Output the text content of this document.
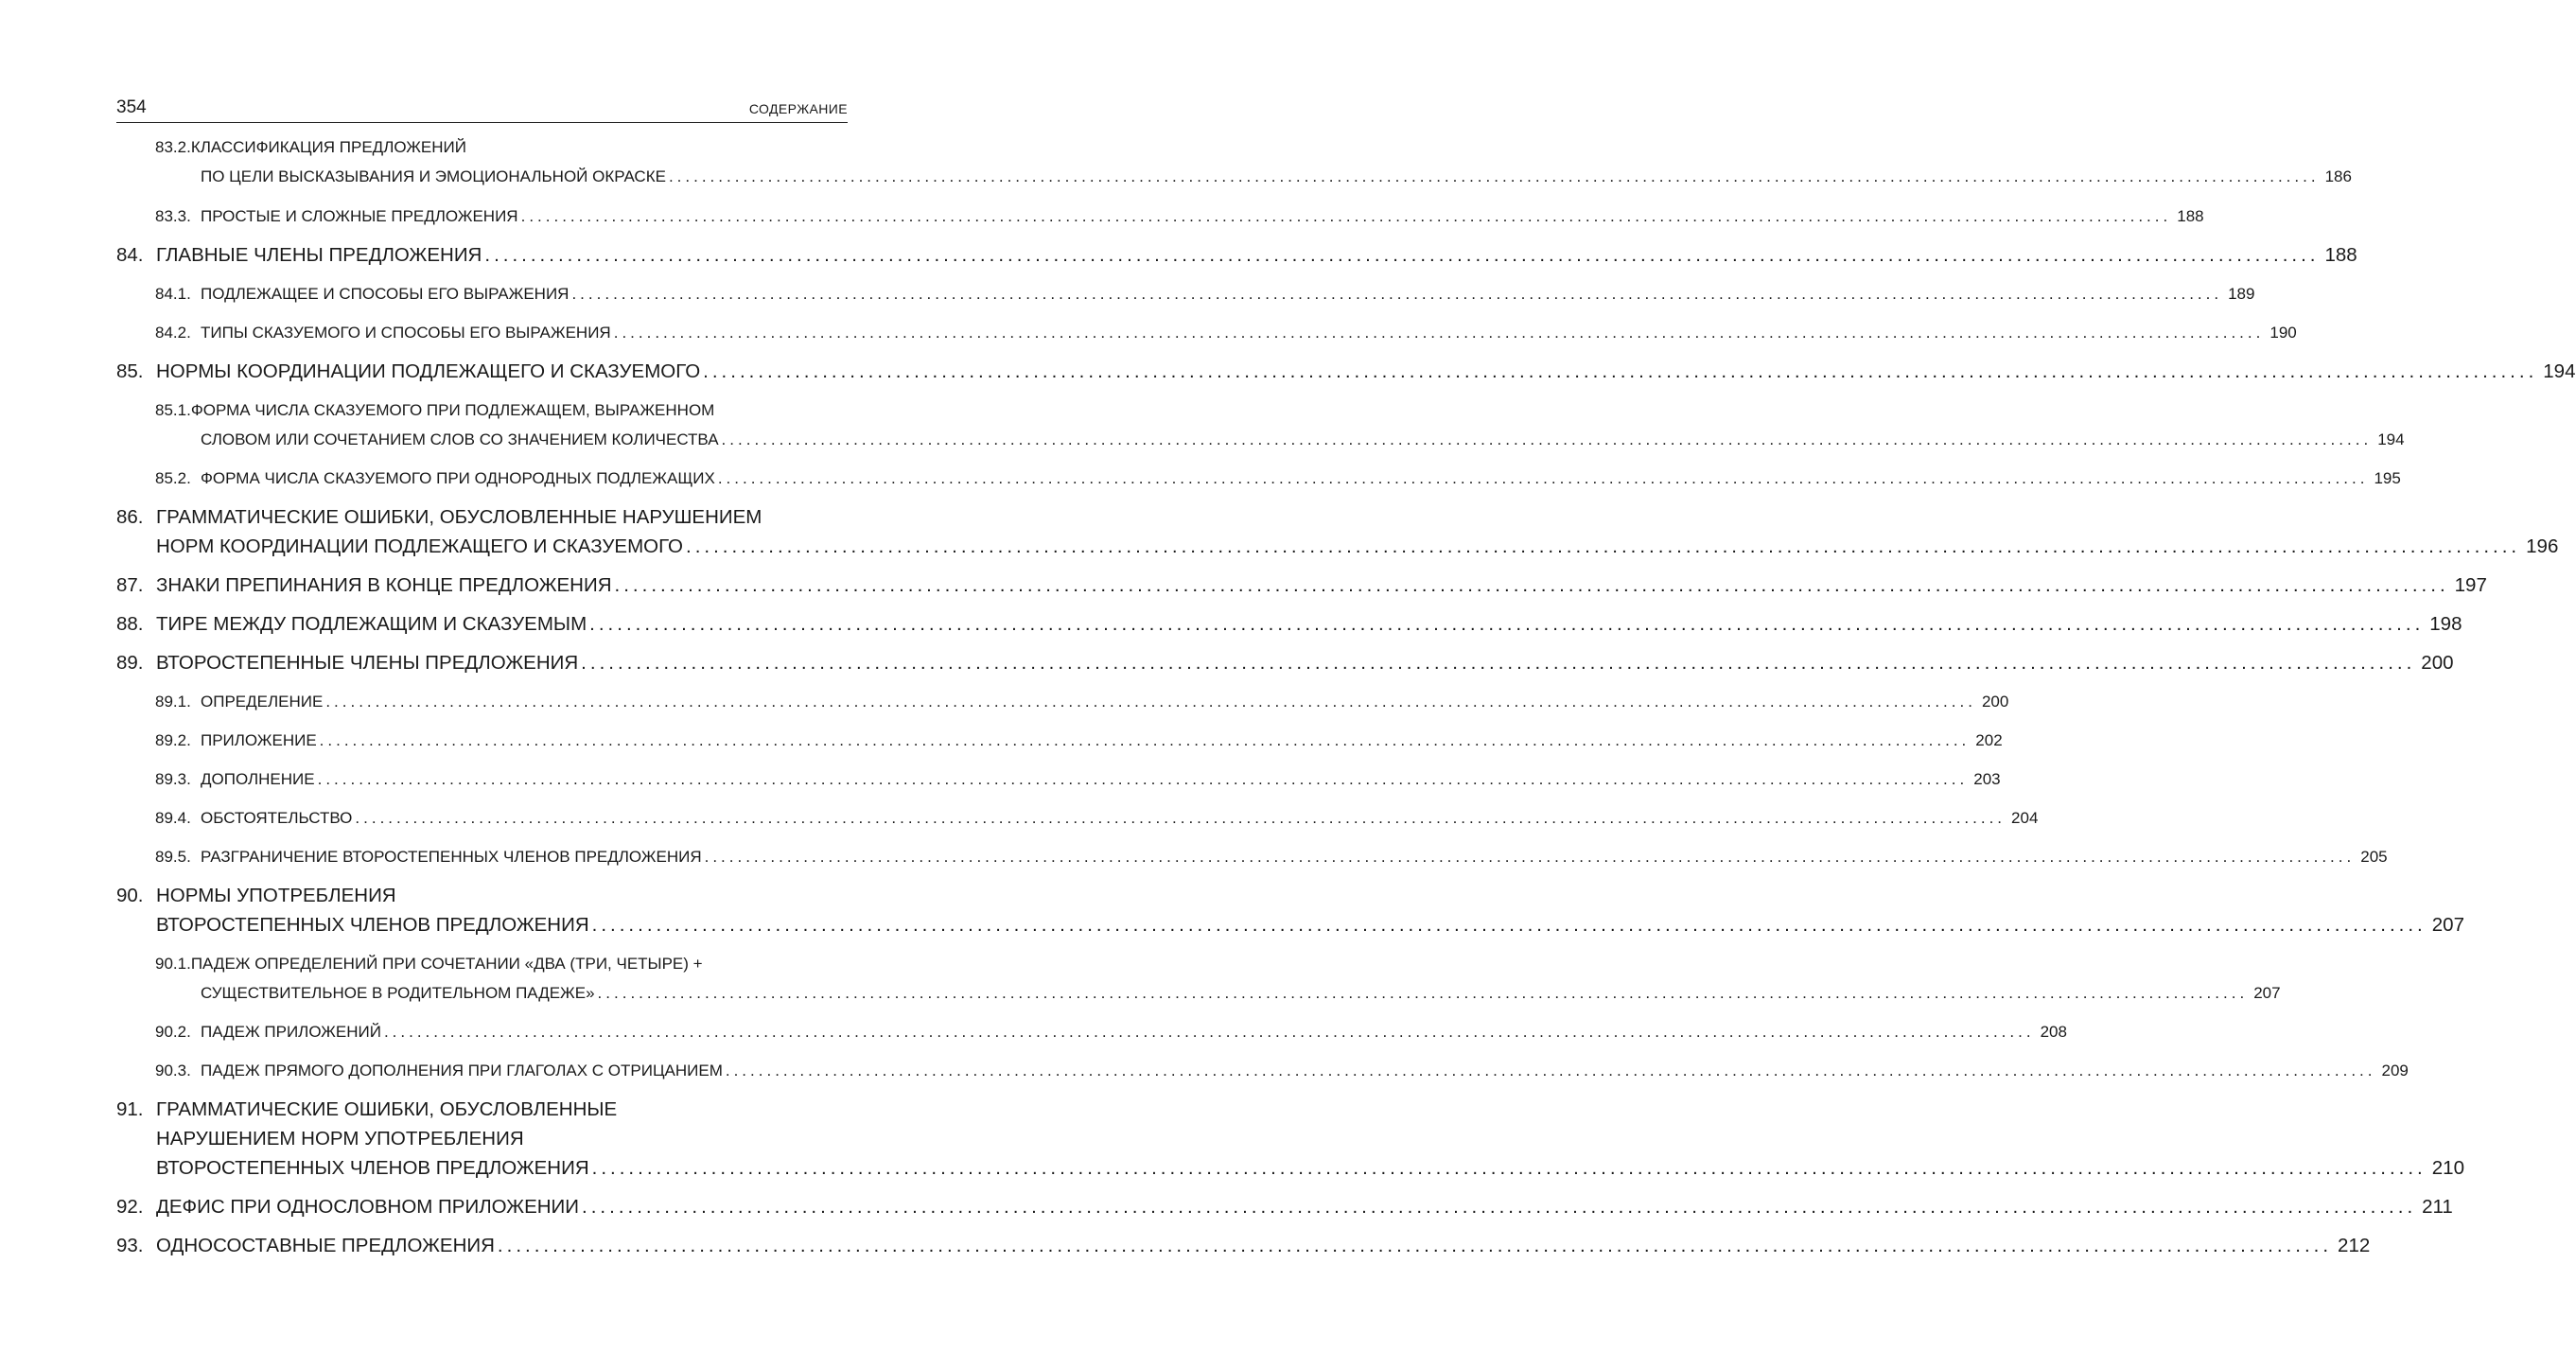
354	СОДЕРЖАНИЕ
83.2. КЛАССИФИКАЦИЯ ПРЕДЛОЖЕНИЙ
ПО ЦЕЛИ ВЫСКАЗЫВАНИЯ И ЭМОЦИОНАЛЬНОЙ ОКРАСКЕ ........................................................................................................................................................................................................ 186
83.3. ПРОСТЫЕ И СЛОЖНЫЕ ПРЕДЛОЖЕНИЯ ........................................................................................................................................................................................................ 188
84. ГЛАВНЫЕ ЧЛЕНЫ ПРЕДЛОЖЕНИЯ ........................................................................................................................................................................................................ 188
84.1. ПОДЛЕЖАЩЕЕ И СПОСОБЫ ЕГО ВЫРАЖЕНИЯ ........................................................................................................................................................................................................ 189
84.2. ТИПЫ СКАЗУЕМОГО И СПОСОБЫ ЕГО ВЫРАЖЕНИЯ ........................................................................................................................................................................................................ 190
85. НОРМЫ КООРДИНАЦИИ ПОДЛЕЖАЩЕГО И СКАЗУЕМОГО ........................................................................................................................................................................................................ 194
85.1. ФОРМА ЧИСЛА СКАЗУЕМОГО ПРИ ПОДЛЕЖАЩЕМ, ВЫРАЖЕННОМ
СЛОВОМ ИЛИ СОЧЕТАНИЕМ СЛОВ СО ЗНАЧЕНИЕМ КОЛИЧЕСТВА ........................................................................................................................................................................................................ 194
85.2. ФОРМА ЧИСЛА СКАЗУЕМОГО ПРИ ОДНОРОДНЫХ ПОДЛЕЖАЩИХ ........................................................................................................................................................................................................ 195
86. ГРАММАТИЧЕСКИЕ ОШИБКИ, ОБУСЛОВЛЕННЫЕ НАРУШЕНИЕМ
НОРМ КООРДИНАЦИИ ПОДЛЕЖАЩЕГО И СКАЗУЕМОГО ........................................................................................................................................................................................................ 196
87. ЗНАКИ ПРЕПИНАНИЯ В КОНЦЕ ПРЕДЛОЖЕНИЯ ........................................................................................................................................................................................................ 197
88. ТИРЕ МЕЖДУ ПОДЛЕЖАЩИМ И СКАЗУЕМЫМ ........................................................................................................................................................................................................ 198
89. ВТОРОСТЕПЕННЫЕ ЧЛЕНЫ ПРЕДЛОЖЕНИЯ ........................................................................................................................................................................................................ 200
89.1. ОПРЕДЕЛЕНИЕ ........................................................................................................................................................................................................ 200
89.2. ПРИЛОЖЕНИЕ ........................................................................................................................................................................................................ 202
89.3. ДОПОЛНЕНИЕ ........................................................................................................................................................................................................ 203
89.4. ОБСТОЯТЕЛЬСТВО ........................................................................................................................................................................................................ 204
89.5. РАЗГРАНИЧЕНИЕ ВТОРОСТЕПЕННЫХ ЧЛЕНОВ ПРЕДЛОЖЕНИЯ ........................................................................................................................................................................................................ 205
90. НОРМЫ УПОТРЕБЛЕНИЯ
ВТОРОСТЕПЕННЫХ ЧЛЕНОВ ПРЕДЛОЖЕНИЯ ........................................................................................................................................................................................................ 207
90.1. ПАДЕЖ ОПРЕДЕЛЕНИЙ ПРИ СОЧЕТАНИИ «ДВА (ТРИ, ЧЕТЫРЕ) +
СУЩЕСТВИТЕЛЬНОЕ В РОДИТЕЛЬНОМ ПАДЕЖЕ» ........................................................................................................................................................................................................ 207
90.2. ПАДЕЖ ПРИЛОЖЕНИЙ ........................................................................................................................................................................................................ 208
90.3. ПАДЕЖ ПРЯМОГО ДОПОЛНЕНИЯ ПРИ ГЛАГОЛАХ С ОТРИЦАНИЕМ ........................................................................................................................................................................................................ 209
91. ГРАММАТИЧЕСКИЕ ОШИБКИ, ОБУСЛОВЛЕННЫЕ
НАРУШЕНИЕМ НОРМ УПОТРЕБЛЕНИЯ
ВТОРОСТЕПЕННЫХ ЧЛЕНОВ ПРЕДЛОЖЕНИЯ ........................................................................................................................................................................................................ 210
92. ДЕФИС ПРИ ОДНОСЛОВНОМ ПРИЛОЖЕНИИ ........................................................................................................................................................................................................ 211
93. ОДНОСОСТАВНЫЕ ПРЕДЛОЖЕНИЯ ........................................................................................................................................................................................................ 212
